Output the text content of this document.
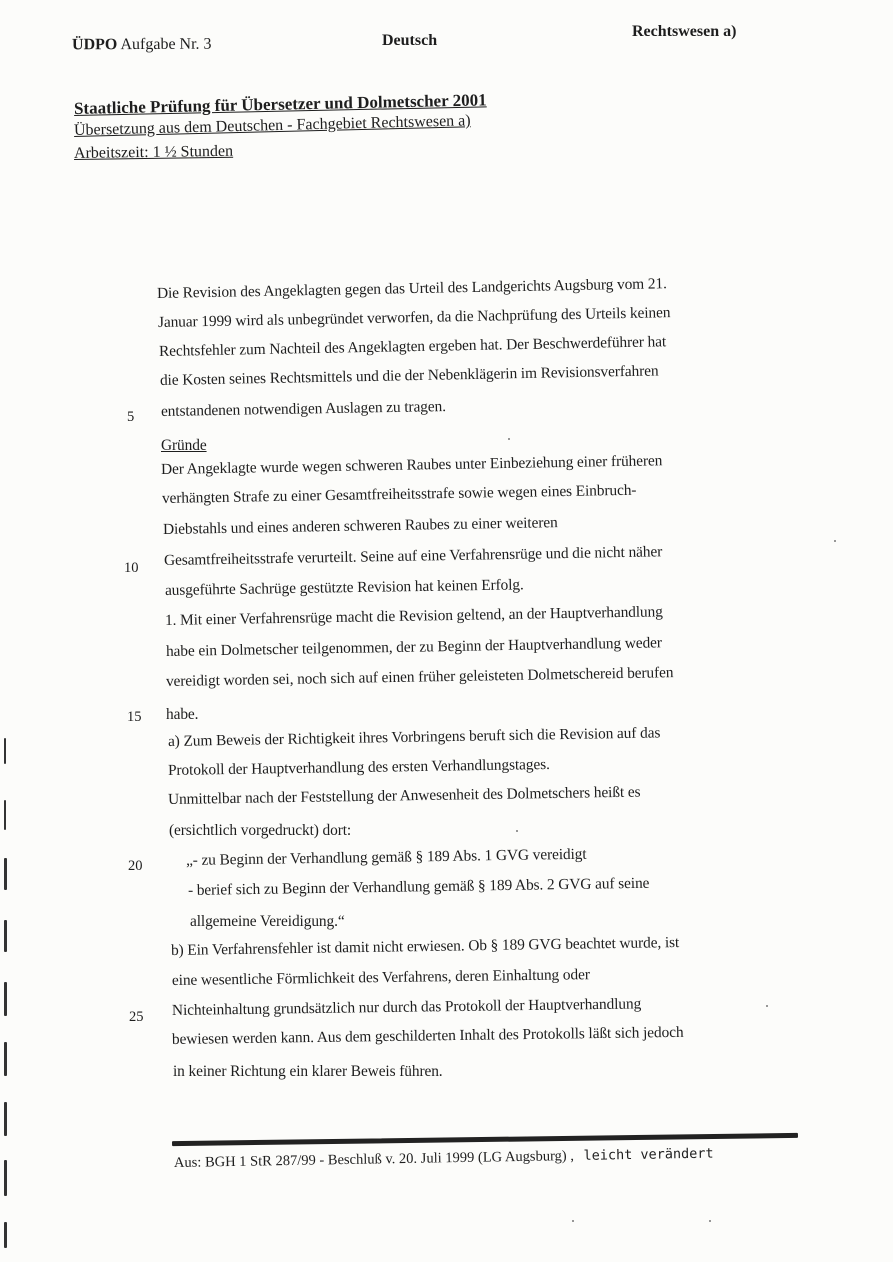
ÜDPO Aufgabe Nr. 3	Deutsch
Rechtswesen a)
Staatliche Prüfung für Übersetzer und Dolmetscher 2001
Übersetzung aus dem Deutschen - Fachgebiet Rechtswesen a)
Arbeitszeit: 1 ½ Stunden
Die Revision des Angeklagten gegen das Urteil des Landgerichts Augsburg vom 21.
Januar 1999 wird als unbegründet verworfen, da die Nachprüfung des Urteils keinen
Rechtsfehler zum Nachteil des Angeklagten ergeben hat. Der Beschwerdeführer hat
die Kosten seines Rechtsmittels und die der Nebenklägerin im Revisionsverfahren
entstandenen notwendigen Auslagen zu tragen.
Gründe
Der Angeklagte wurde wegen schweren Raubes unter Einbeziehung einer früheren
verhängten Strafe zu einer Gesamtfreiheitsstrafe sowie wegen eines Einbruch-
Diebstahls und eines anderen schweren Raubes zu einer weiteren
Gesamtfreiheitsstrafe verurteilt. Seine auf eine Verfahrensrüge und die nicht näher
ausgeführte Sachrüge gestützte Revision hat keinen Erfolg.
1. Mit einer Verfahrensrüge macht die Revision geltend, an der Hauptverhandlung
habe ein Dolmetscher teilgenommen, der zu Beginn der Hauptverhandlung weder
vereidigt worden sei, noch sich auf einen früher geleisteten Dolmetschereid berufen
habe.
a) Zum Beweis der Richtigkeit ihres Vorbringens beruft sich die Revision auf das
Protokoll der Hauptverhandlung des ersten Verhandlungstages.
Unmittelbar nach der Feststellung der Anwesenheit des Dolmetschers heißt es
(ersichtlich vorgedruckt) dort:
„- zu Beginn der Verhandlung gemäß § 189 Abs. 1 GVG vereidigt
- berief sich zu Beginn der Verhandlung gemäß § 189 Abs. 2 GVG auf seine
allgemeine Vereidigung.“
b) Ein Verfahrensfehler ist damit nicht erwiesen. Ob § 189 GVG beachtet wurde, ist
eine wesentliche Förmlichkeit des Verfahrens, deren Einhaltung oder
Nichteinhaltung grundsätzlich nur durch das Protokoll der Hauptverhandlung
bewiesen werden kann. Aus dem geschilderten Inhalt des Protokolls läßt sich jedoch
in keiner Richtung ein klarer Beweis führen.
5
10
15
20
25
Aus: BGH 1 StR 287/99 - Beschluß v. 20. Juli 1999 (LG Augsburg) , leicht verändert
